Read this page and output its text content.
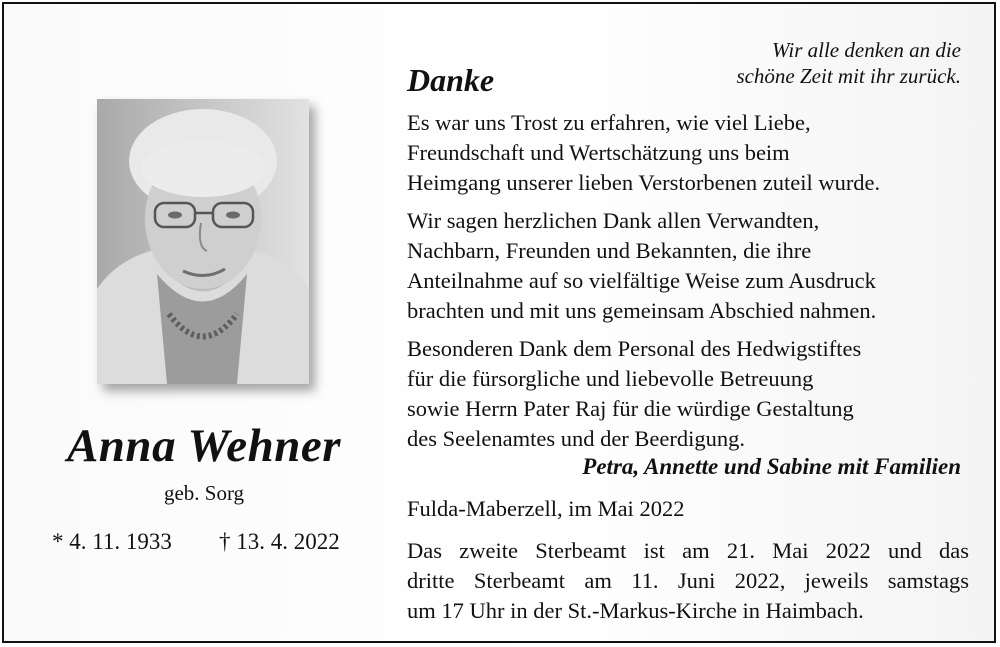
Wir alle denken an die
schöne Zeit mit ihr zurück.
Anna Wehner
geb. Sorg
* 4. 11. 1933 † 13. 4. 2022
Danke

Es war uns Trost zu erfahren, wie viel Liebe,
Freundschaft und Wertschätzung uns beim
Heimgang unserer lieben Verstorbenen zuteil wurde.

Wir sagen herzlichen Dank allen Verwandten,
Nachbarn, Freunden und Bekannten, die ihre
Anteilnahme auf so vielfältige Weise zum Ausdruck
brachten und mit uns gemeinsam Abschied nahmen.

Besonderen Dank dem Personal des Hedwigstiftes
für die fürsorgliche und liebevolle Betreuung
sowie Herrn Pater Raj für die würdige Gestaltung
des Seelenamtes und der Beerdigung.

Petra, Annette und Sabine mit Familien
Fulda-Maberzell, im Mai 2022
Das zweite Sterbeamt ist am 21. Mai 2022 und das
dritte Sterbeamt am 11. Juni 2022, jeweils samstags
um 17 Uhr in der St.-Markus-Kirche in Haimbach.
